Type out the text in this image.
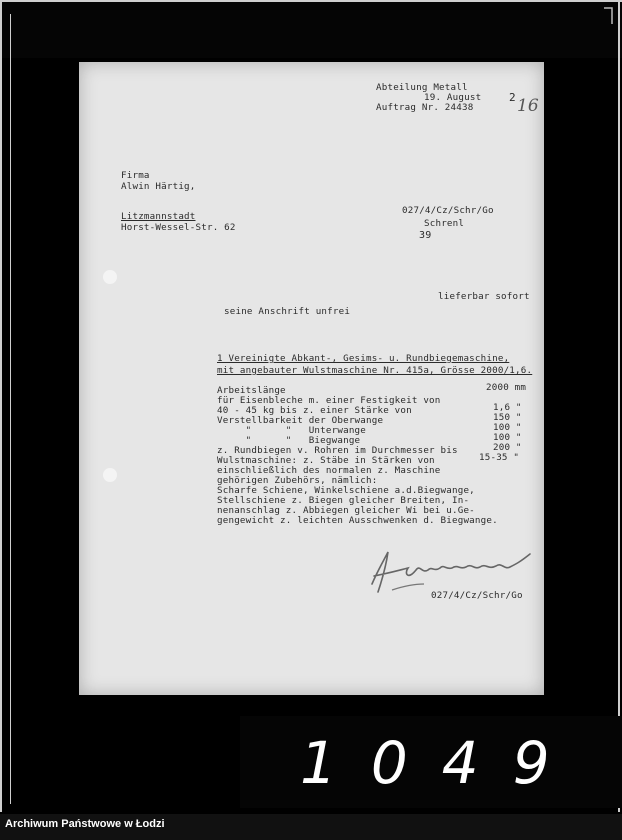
Abteilung Metall
19. August
Auftrag Nr. 24438
2 16
Firma
Alwin Härtig,
Litzmannstadt
Horst-Wessel-Str. 62
027/4/Cz/Schr/Go
Schrenl
39
lieferbar sofort
seine Anschrift unfrei
1 Vereinigte Abkant-, Gesims- u. Rundbiegemaschine,
mit angebauter Wulstmaschine Nr. 415a, Grösse 2000/1,6.
Arbeitslänge
für Eisenbleche m. einer Festigkeit von
40 - 45 kg bis z. einer Stärke von
Verstellbarkeit der Oberwange
"      "   Unterwange
"      "   Biegwange
z. Rundbiegen v. Rohren im Durchmesser bis
Wulstmaschine: z. Stäbe in Stärken von
einschließlich des normalen z. Maschine
gehörigen Zubehörs, nämlich:
Scharfe Schiene, Winkelschiene a.d.Biegwange,
Stellschiene z. Biegen gleicher Breiten, In-
nenanschlag z. Abbiegen gleicher Wi bei u.Ge-
gengewicht z. leichten Ausschwenken d. Biegwange.
2000 mm
1,6 "
150 "
100 "
100 "
200 "
15-35 "
027/4/Cz/Schr/Go
1049
Archiwum Państwowe w Łodzi
